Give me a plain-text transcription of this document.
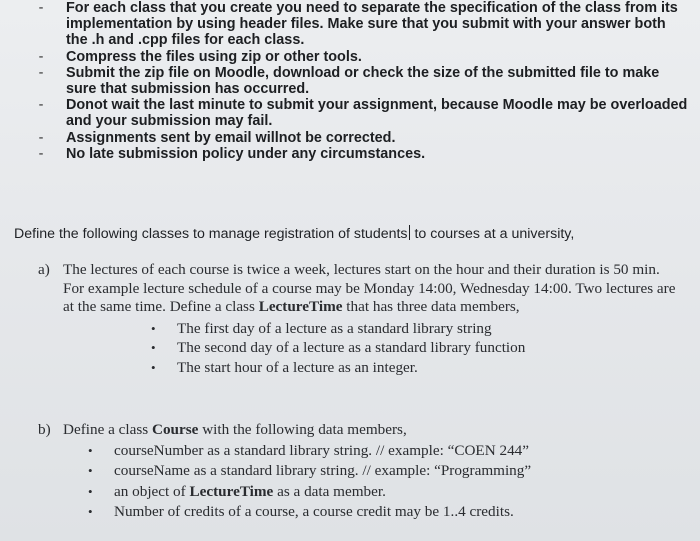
-	For each class that you create you need to separate the specification of the class from its implementation by using header files. Make sure that you submit with your answer both the .h and .cpp files for each class.
-	Compress the files using zip or other tools.
-	Submit the zip file on Moodle, download or check the size of the submitted file to make sure that submission has occurred.
-	Donot wait the last minute to submit your assignment, because Moodle may be overloaded and your submission may fail.
-	Assignments sent by email willnot be corrected.
-	No late submission policy under any circumstances.

Define the following classes to manage registration of students to courses at a university,

a) The lectures of each course is twice a week, lectures start on the hour and their duration is 50 min. For example lecture schedule of a course may be Monday 14:00, Wednesday 14:00. Two lectures are at the same time. Define a class LectureTime that has three data members,
• The first day of a lecture as a standard library string
• The second day of a lecture as a standard library function
• The start hour of a lecture as an integer.
b) Define a class Course with the following data members,
• courseNumber as a standard library string. // example: “COEN 244”
• courseName as a standard library string. // example: “Programming”
• an object of LectureTime as a data member.
• Number of credits of a course, a course credit may be 1..4 credits.
